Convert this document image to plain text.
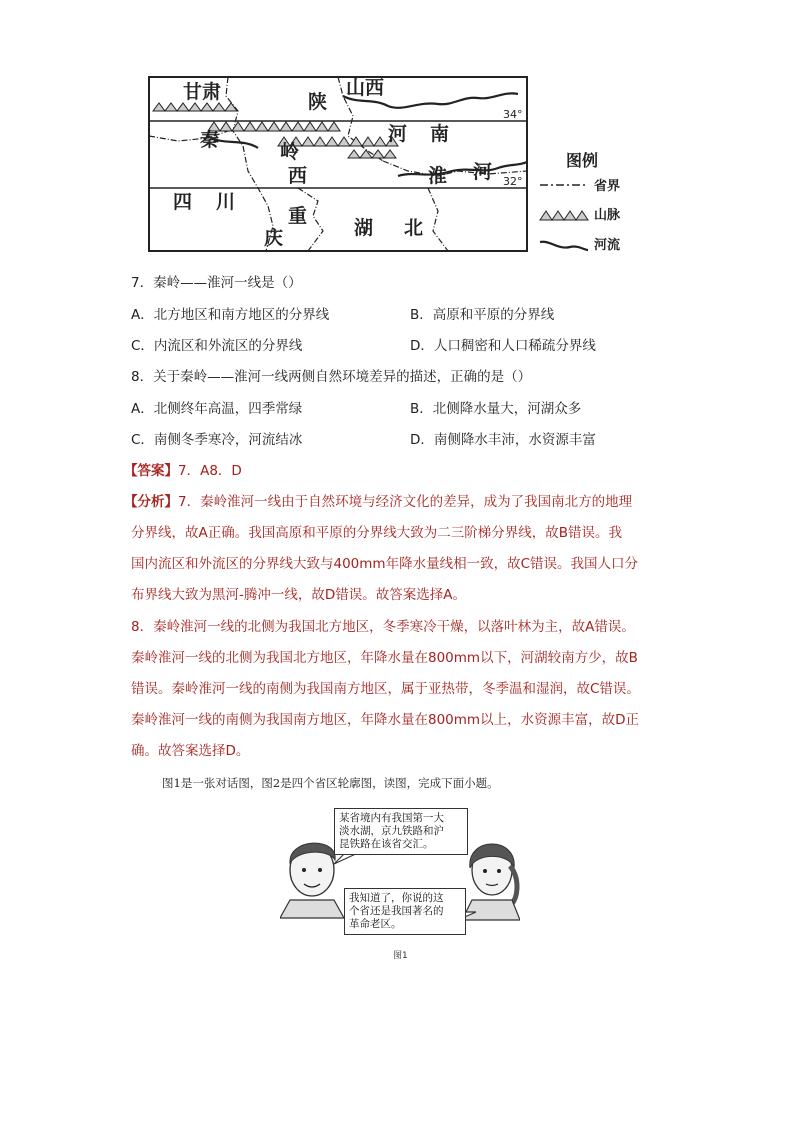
甘肃	陕
山西
秦
岭
河 南
西	淮 河
四 川
重
庆	湖 北
34°
32°
图例
省界
山脉
河流
7．秦岭——淮河一线是（）
A．北方地区和南方地区的分界线	B．高原和平原的分界线
C．内流区和外流区的分界线	D．人口稠密和人口稀疏分界线
8．关于秦岭——淮河一线两侧自然环境差异的描述，正确的是（）
A．北侧终年高温，四季常绿	B．北侧降水量大，河湖众多
C．南侧冬季寒冷，河流结冰	D．南侧降水丰沛，水资源丰富
【答案】7．A8．D
【分析】7．秦岭淮河一线由于自然环境与经济文化的差异，成为了我国南北方的地理
分界线，故A正确。我国高原和平原的分界线大致为二三阶梯分界线，故B错误。我
国内流区和外流区的分界线大致与400mm年降水量线相一致，故C错误。我国人口分
布界线大致为黑河-腾冲一线，故D错误。故答案选择A。
8．秦岭淮河一线的北侧为我国北方地区，冬季寒冷干燥，以落叶林为主，故A错误。
秦岭淮河一线的北侧为我国北方地区，年降水量在800mm以下，河湖较南方少，故B
错误。秦岭淮河一线的南侧为我国南方地区，属于亚热带，冬季温和湿润，故C错误。
秦岭淮河一线的南侧为我国南方地区，年降水量在800mm以上，水资源丰富，故D正
确。故答案选择D。
图1是一张对话图，图2是四个省区轮廓图，读图，完成下面小题。
某省境内有我国第一大
淡水湖，京九铁路和沪
昆铁路在该省交汇。
我知道了，你说的这
个省还是我国著名的
革命老区。
图1
